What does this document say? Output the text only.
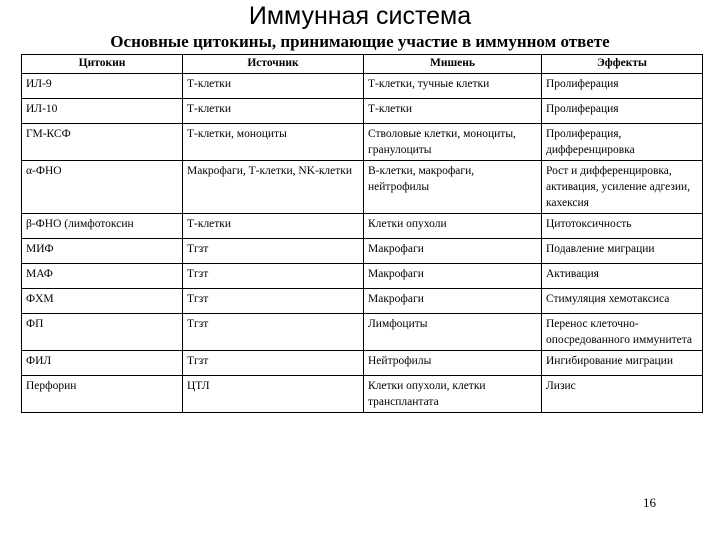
Иммунная система
Основные цитокины, принимающие участие в иммунном ответе
Цитокин	Источник	Мишень	Эффекты
ИЛ-9	Т-клетки	Т-клетки, тучные клетки	Пролиферация
ИЛ-10	Т-клетки	Т-клетки	Пролиферация
ГМ-КСФ	Т-клетки, моноциты	Стволовые клетки, моноциты, гранулоциты	Пролиферация, дифференцировка
α-ФНО	Макрофаги, Т-клетки, NK-клетки	В-клетки, макрофаги, нейтрофилы	Рост и дифференцировка, активация, усиление адгезии, кахексия
β-ФНО (лимфотоксин	Т-клетки	Клетки опухоли	Цитотоксичность
МИФ	Тгзт	Макрофаги	Подавление миграции
МАФ	Тгзт	Макрофаги	Активация
ФХМ	Тгзт	Макрофаги	Стимуляция хемотаксиса
ФП	Тгзт	Лимфоциты	Перенос клеточно-опосредованного иммунитета
ФИЛ	Тгзт	Нейтрофилы	Ингибирование миграции
Перфорин	ЦТЛ	Клетки опухоли, клетки трансплантата	Лизис
16
